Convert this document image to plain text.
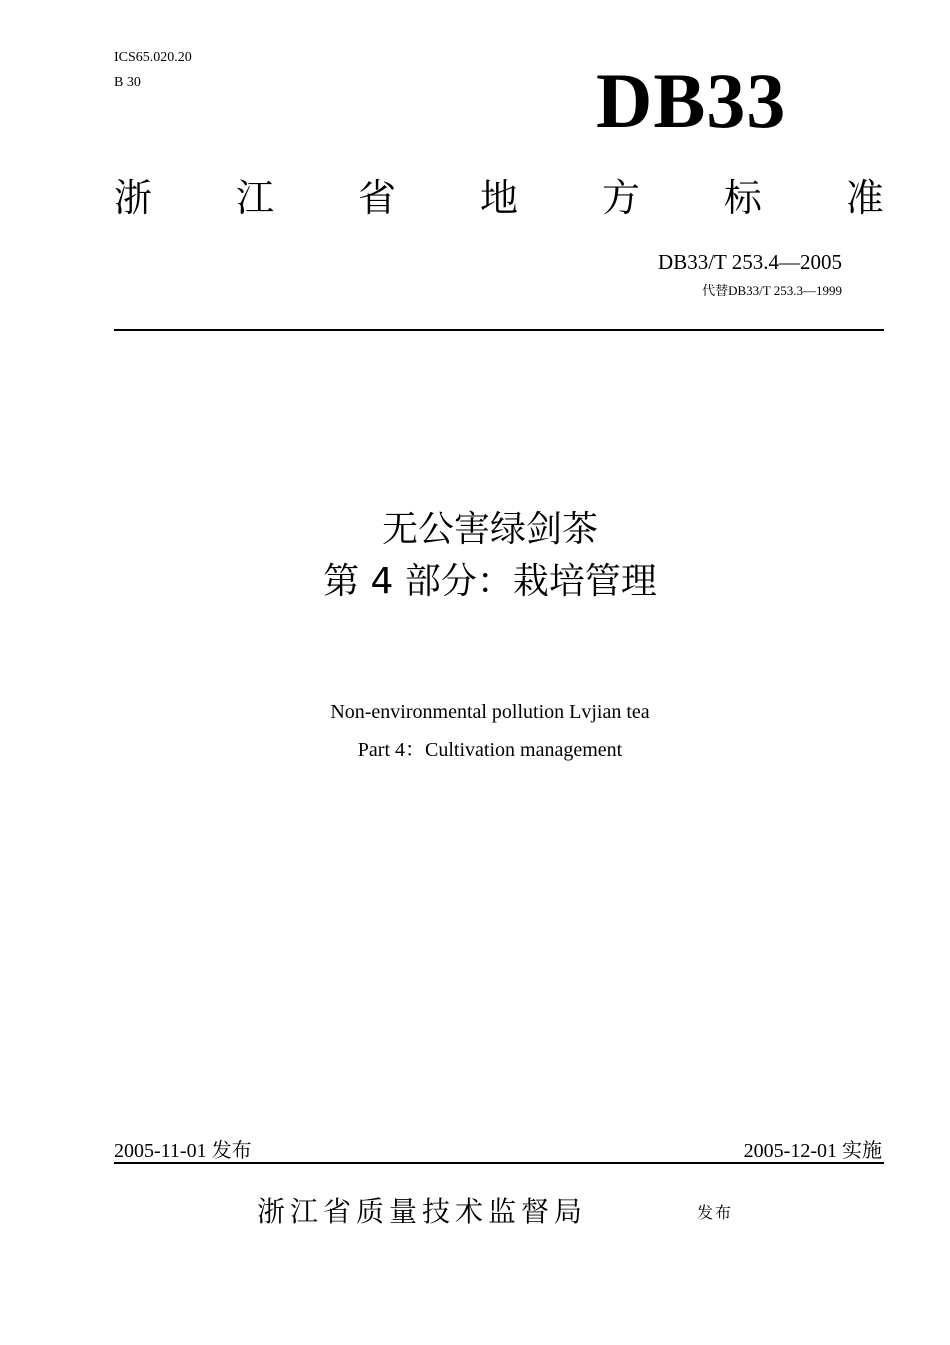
ICS65.020.20
B 30	DB33
浙 江 省 地 方 标 准
DB33/T 253.4—2005
代替DB33/T 253.3—1999
无公害绿剑茶
第 4 部分：栽培管理
Non-environmental pollution Lvjian tea
Part 4：Cultivation management
2005-11-01 发布	2005-12-01 实施
浙江省质量技术监督局	发布
